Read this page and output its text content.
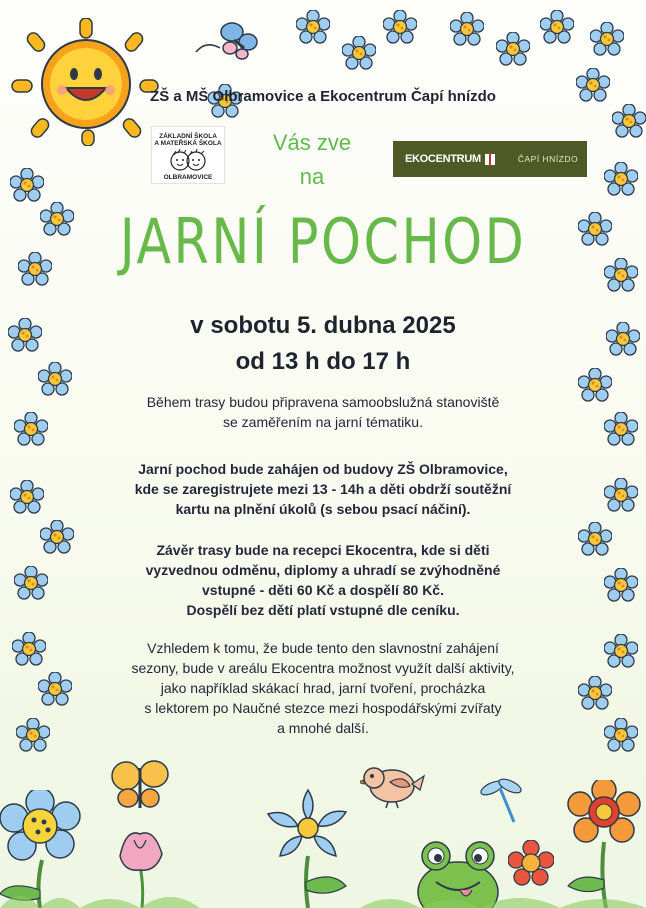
ZŠ a MŠ Olbramovice a Ekocentrum Čapí hnízdo
ZÁKLADNÍ ŠKOLA
A MATEŘSKÁ ŠKOLA
OLBRAMOVICE
Vás zve
na
EKOCENTRUM	ČAPÍ HNÍZDO
JARNÍ POCHOD
v sobotu 5. dubna 2025
od 13 h do 17 h
Během trasy budou připravena samoobslužná stanoviště
se zaměřením na jarní tématiku.
Jarní pochod bude zahájen od budovy ZŠ Olbramovice,
kde se zaregistrujete mezi 13 - 14h a děti obdrží soutěžní
kartu na plnění úkolů (s sebou psací náčiní).
Závěr trasy bude na recepci Ekocentra, kde si děti
vyzvednou odměnu, diplomy a uhradí se zvýhodněné
vstupné - děti 60 Kč a dospělí 80 Kč.
Dospělí bez dětí platí vstupné dle ceníku.
Vzhledem k tomu, že bude tento den slavnostní zahájení
sezony, bude v areálu Ekocentra možnost využít další aktivity,
jako například skákací hrad, jarní tvoření, procházka
s lektorem po Naučné stezce mezi hospodářskými zvířaty
a mnohé další.
